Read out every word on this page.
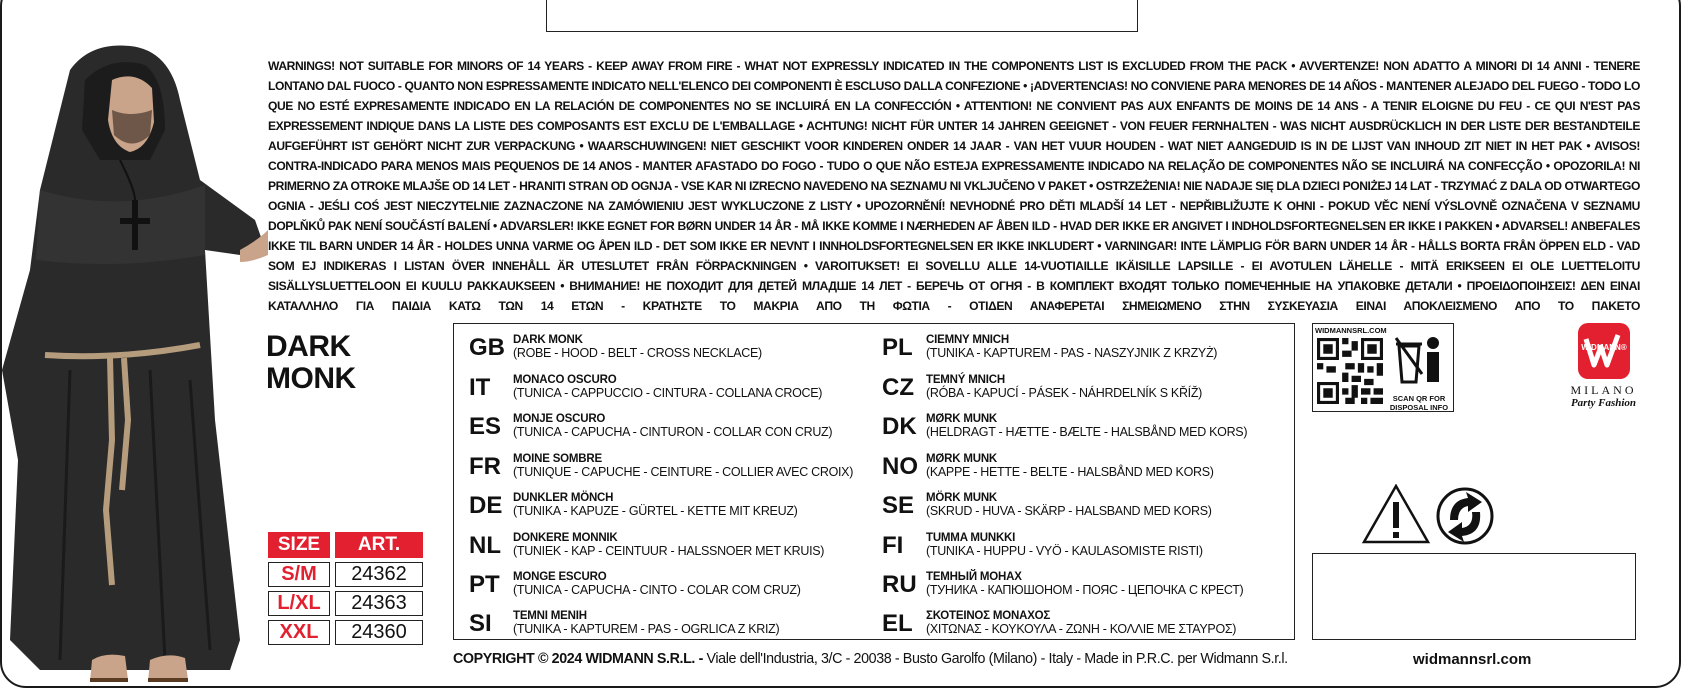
WARNINGS! NOT SUITABLE FOR MINORS OF 14 YEARS - KEEP AWAY FROM FIRE - WHAT NOT EXPRESSLY INDICATED IN THE COMPONENTS LIST IS EXCLUDED FROM THE PACK • AVVERTENZE! NON ADATTO A MINORI DI 14 ANNI - TENERE LONTANO DAL FUOCO - QUANTO NON ESPRESSAMENTE INDICATO NELL'ELENCO DEI COMPONENTI È ESCLUSO DALLA CONFEZIONE • ¡ADVERTENCIAS! NO CONVIENE PARA MENORES DE 14 AÑOS - MANTENER ALEJADO DEL FUEGO - TODO LO QUE NO ESTÉ EXPRESAMENTE INDICADO EN LA RELACIÓN DE COMPONENTES NO SE INCLUIRÁ EN LA CONFECCIÓN • ATTENTION! NE CONVIENT PAS AUX ENFANTS DE MOINS DE 14 ANS - A TENIR ELOIGNE DU FEU - CE QUI N'EST PAS EXPRESSEMENT INDIQUE DANS LA LISTE DES COMPOSANTS EST EXCLU DE L'EMBALLAGE • ACHTUNG! NICHT FÜR UNTER 14 JAHREN GEEIGNET - VON FEUER FERNHALTEN - WAS NICHT AUSDRÜCKLICH IN DER LISTE DER BESTANDTEILE AUFGEFÜHRT IST GEHÖRT NICHT ZUR VERPACKUNG • WAARSCHUWINGEN! NIET GESCHIKT VOOR KINDEREN ONDER 14 JAAR - VAN HET VUUR HOUDEN - WAT NIET AANGEDUID IS IN DE LIJST VAN INHOUD ZIT NIET IN HET PAK • AVISOS! CONTRA-INDICADO PARA MENOS MAIS PEQUENOS DE 14 ANOS - MANTER AFASTADO DO FOGO - TUDO O QUE NÃO ESTEJA EXPRESSAMENTE INDICADO NA RELAÇÃO DE COMPONENTES NÃO SE INCLUIRÁ NA CONFECÇÃO • OPOZORILA! NI PRIMERNO ZA OTROKE MLAJŠE OD 14 LET - HRANITI STRAN OD OGNJA - VSE KAR NI IZRECNO NAVEDENO NA SEZNAMU NI VKLJUČENO V PAKET • OSTRZEŻENIA! NIE NADAJE SIĘ DLA DZIECI PONIŻEJ 14 LAT - TRZYMAĆ Z DALA OD OTWARTEGO OGNIA - JEŚLI COŚ JEST NIECZYTELNIE ZAZNACZONE NA ZAMÓWIENIU JEST WYKLUCZONE Z LISTY • UPOZORNĚNÍ! NEVHODNÉ PRO DĚTI MLADŠÍ 14 LET - NEPŘIBLIŽUJTE K OHNI - POKUD VĚC NENÍ VÝSLOVNĚ OZNAČENA V SEZNAMU DOPLŇKŮ PAK NENÍ SOUČÁSTÍ BALENÍ • ADVARSLER! IKKE EGNET FOR BØRN UNDER 14 ÅR - MÅ IKKE KOMME I NÆRHEDEN AF ÅBEN ILD - HVAD DER IKKE ER ANGIVET I INDHOLDSFORTEGNELSEN ER IKKE I PAKKEN • ADVARSEL! ANBEFALES IKKE TIL BARN UNDER 14 ÅR - HOLDES UNNA VARME OG ÅPEN ILD - DET SOM IKKE ER NEVNT I INNHOLDSFORTEGNELSEN ER IKKE INKLUDERT • VARNINGAR! INTE LÄMPLIG FÖR BARN UNDER 14 ÅR - HÅLLS BORTA FRÅN ÖPPEN ELD - VAD SOM EJ INDIKERAS I LISTAN ÖVER INNEHÅLL ÄR UTESLUTET FRÅN FÖRPACKNINGEN • VAROITUKSET! EI SOVELLU ALLE 14-VUOTIAILLE IKÄISILLE LAPSILLE - EI AVOTULEN LÄHELLE - MITÄ ERIKSEEN EI OLE LUETTELOITU SISÄLLYSLUETTELOON EI KUULU PAKKAUKSEEN • ВНИМАНИЕ! НЕ ПОХОДИТ ДЛЯ ДЕТЕЙ МЛАДШЕ 14 ЛЕТ - БЕРЕЧЬ ОТ ОГНЯ - В КОМПЛЕКТ ВХОДЯТ ТОЛЬКО ПОМЕЧЕННЫЕ НА УПАКОВКЕ ДЕТАЛИ • ΠΡΟΕΙΔΟΠΟΙΗΣΕΙΣ! ΔΕΝ ΕΙΝΑΙ ΚΑΤΑΛΛΗΛΟ ΓΙΑ ΠΑΙΔΙΑ ΚΑΤΩ ΤΩΝ 14 ΕΤΩΝ - ΚΡΑΤΗΣΤΕ ΤΟ ΜΑΚΡΙΑ ΑΠΟ ΤΗ ΦΩΤΙΑ - ΟΤΙΔΕΝ ΑΝΑΦΕΡΕΤΑΙ ΣΗΜΕΙΩΜΕΝΟ ΣΤΗΝ ΣΥΣΚΕΥΑΣΙΑ ΕΙΝΑΙ ΑΠΟΚΛΕΙΣΜΕΝΟ ΑΠΟ ΤΟ ΠΑΚΕΤΟ
DARK
MONK
SIZE	ART.
S/M	24362
L/XL	24363
XXL	24360
GB DARK MONK
(ROBE - HOOD - BELT - CROSS NECKLACE)
IT	MONACO OSCURO
(TUNICA - CAPPUCCIO - CINTURA - COLLANA CROCE)
ES	MONJE OSCURO
(TUNICA - CAPUCHA - CINTURON - COLLAR CON CRUZ)
FR	MOINE SOMBRE
(TUNIQUE - CAPUCHE - CEINTURE - COLLIER AVEC CROIX)
DE DUNKLER MÖNCH
(TUNIKA - KAPUZE - GÜRTEL - KETTE MIT KREUZ)
NL	DONKERE MONNIK
(TUNIEK - KAP - CEINTUUR - HALSSNOER MET KRUIS)
PT	MONGE ESCURO
(TUNICA - CAPUCHA - CINTO - COLAR COM CRUZ)
SI	TEMNI MENIH
(TUNIKA - KAPTUREM - PAS - OGRLICA Z KRIZ)
PL	CIEMNY MNICH
(TUNIKA - KAPTUREM - PAS - NASZYJNIK Z KRZYŻ)
CZ	TEMNÝ MNICH
(RÓBA - KAPUCÍ - PÁSEK - NÁHRDELNÍK S KŘÍŽ)
DK MØRK MUNK
(HELDRAGT - HÆTTE - BÆLTE - HALSBÅND MED KORS)
NO MØRK MUNK
(KAPPE - HETTE - BELTE - HALSBÅND MED KORS)
SE	MÖRK MUNK
(SKRUD - HUVA - SKÄRP - HALSBAND MED KORS)
FI	TUMMA MUNKKI
(TUNIKA - HUPPU - VYÖ - KAULASOMISTE RISTI)
RU ТЕМНЫЙ МОНАХ
(ТУНИКА - КАПЮШОНОМ - ПОЯС - ЦЕПОЧКА С КРЕСТ)
EL	ΣΚΟΤΕΙΝΟΣ ΜΟΝΑΧΟΣ
(ΧΙΤΩΝΑΣ - ΚΟΥΚΟΥΛΑ - ΖΩΝΗ - ΚΟΛΛΙΕ ΜΕ ΣΤΑΥΡΟΣ)
COPYRIGHT © 2024 WIDMANN S.R.L. - Viale dell'Industria, 3/C - 20038 - Busto Garolfo (Milano) - Italy - Made in P.R.C. per Widmann S.r.l.	widmannsrl.com
WIDMANNSRL.COM
SCAN QR FOR
DISPOSAL INFO
WIDMANN®
MILANO
Party Fashion
